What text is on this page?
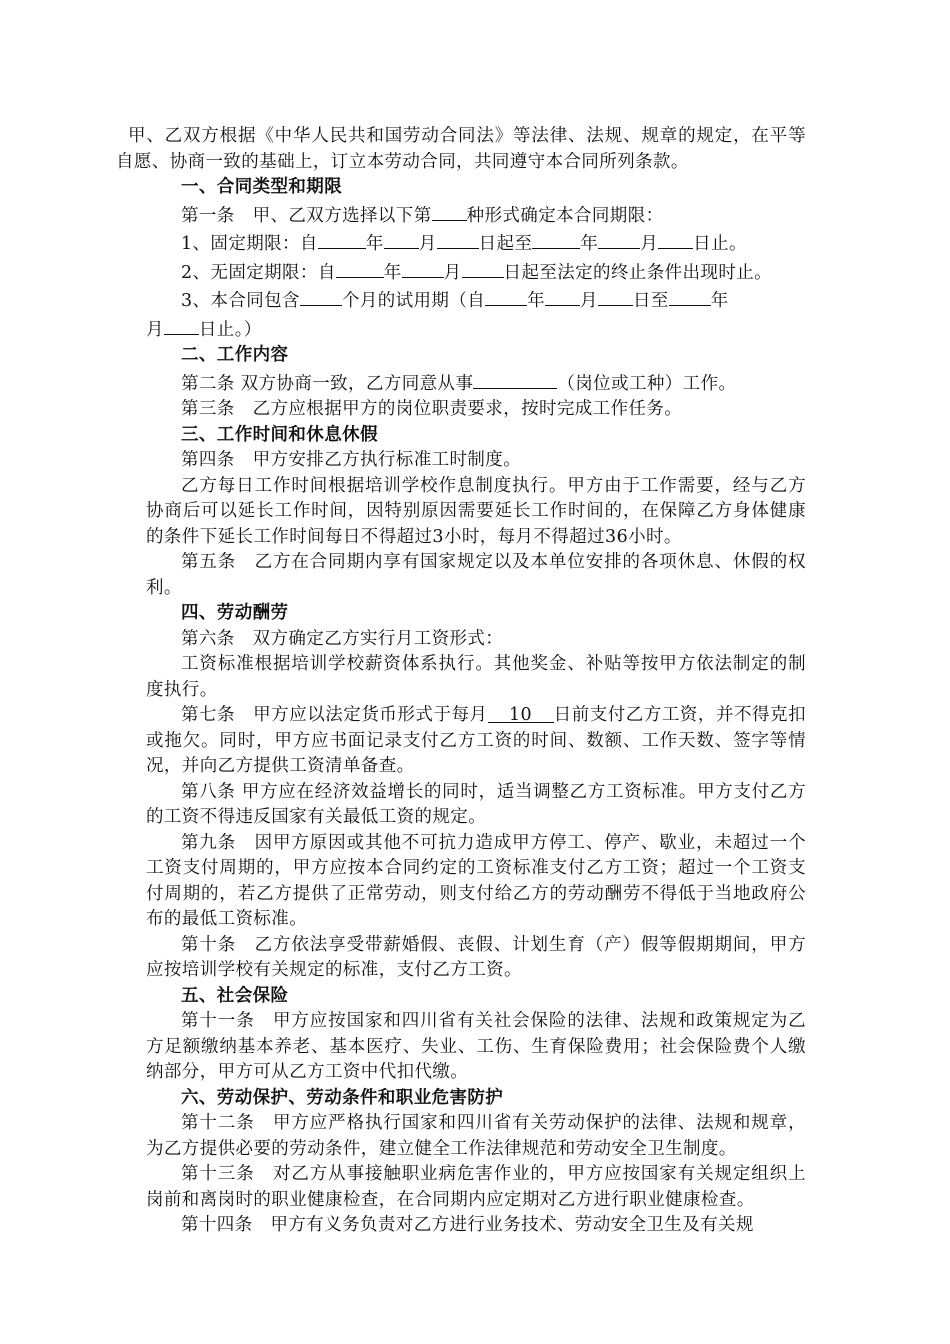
甲、乙双方根据《中华人民共和国劳动合同法》等法律、法规、规章的规定，在平等自愿、协商一致的基础上，订立本劳动合同，共同遵守本合同所列条款。

一、合同类型和期限

第一条　甲、乙双方选择以下第 种形式确定本合同期限：

1、固定期限：自	年 月 日起至	年 月 日止。

2、无固定期限：自	年 月 日起至法定的终止条件出现时止。

3、本合同包含 个月的试用期（自 年 月 日至 年
月 日止。）

二、工作内容

第二条 双方协商一致，乙方同意从事	（岗位或工种）工作。

第三条　乙方应根据甲方的岗位职责要求，按时完成工作任务。

三、工作时间和休息休假

第四条　甲方安排乙方执行标准工时制度。

乙方每日工作时间根据培训学校作息制度执行。甲方由于工作需要，经与乙方协商后可以延长工作时间，因特别原因需要延长工作时间的，在保障乙方身体健康的条件下延长工作时间每日不得超过3小时，每月不得超过36小时。

第五条　乙方在合同期内享有国家规定以及本单位安排的各项休息、休假的权利。

四、劳动酬劳

第六条　双方确定乙方实行月工资形式：

工资标准根据培训学校薪资体系执行。其他奖金、补贴等按甲方依法制定的制度执行。

第七条　甲方应以法定货币形式于每月 10 日前支付乙方工资，并不得克扣或拖欠。同时，甲方应书面记录支付乙方工资的时间、数额、工作天数、签字等情况，并向乙方提供工资清单备查。

第八条 甲方应在经济效益增长的同时，适当调整乙方工资标准。甲方支付乙方的工资不得违反国家有关最低工资的规定。

第九条　因甲方原因或其他不可抗力造成甲方停工、停产、歇业，未超过一个工资支付周期的，甲方应按本合同约定的工资标准支付乙方工资；超过一个工资支付周期的，若乙方提供了正常劳动，则支付给乙方的劳动酬劳不得低于当地政府公布的最低工资标准。

第十条　乙方依法享受带薪婚假、丧假、计划生育（产）假等假期期间，甲方应按培训学校有关规定的标准，支付乙方工资。

五、社会保险

第十一条　甲方应按国家和四川省有关社会保险的法律、法规和政策规定为乙方足额缴纳基本养老、基本医疗、失业、工伤、生育保险费用；社会保险费个人缴纳部分，甲方可从乙方工资中代扣代缴。

六、劳动保护、劳动条件和职业危害防护

第十二条　甲方应严格执行国家和四川省有关劳动保护的法律、法规和规章，为乙方提供必要的劳动条件，建立健全工作法律规范和劳动安全卫生制度。

第十三条　对乙方从事接触职业病危害作业的，甲方应按国家有关规定组织上岗前和离岗时的职业健康检查，在合同期内应定期对乙方进行职业健康检查。

第十四条　甲方有义务负责对乙方进行业务技术、劳动安全卫生及有关规
